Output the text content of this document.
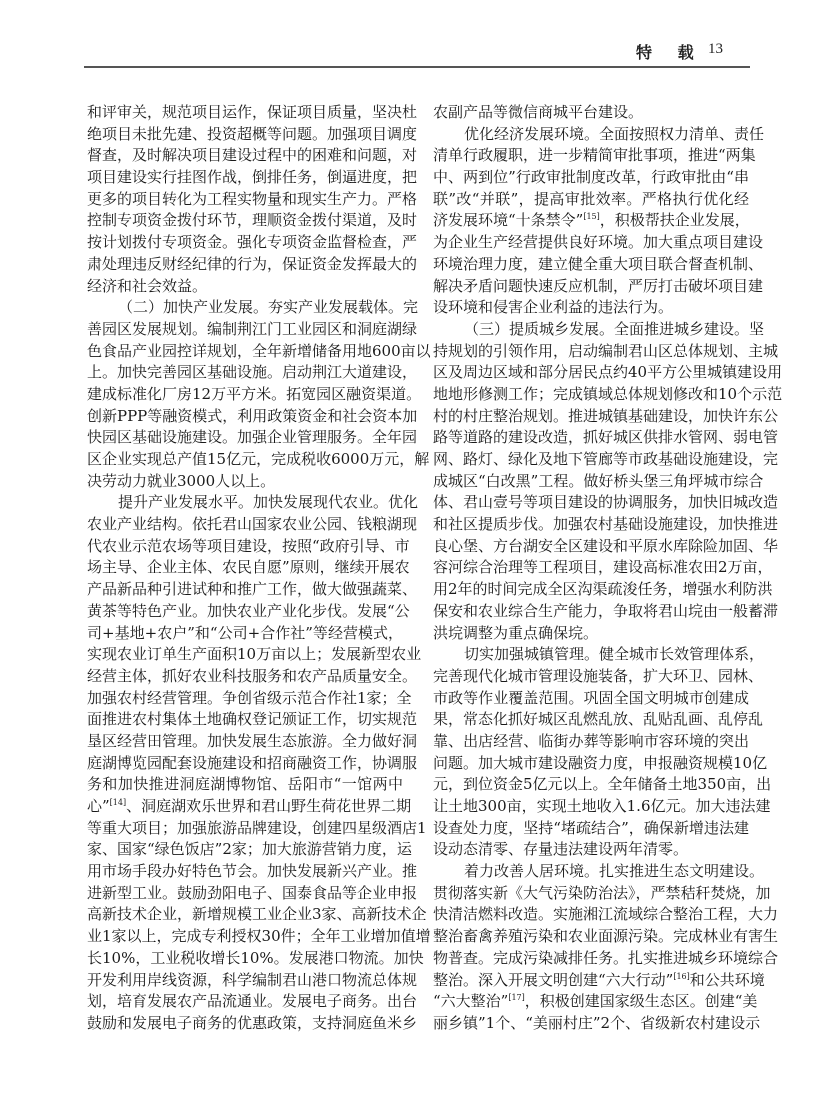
特 载 13
和评审关，规范项目运作，保证项目质量，坚决杜
绝项目未批先建、投资超概等问题。加强项目调度
督查，及时解决项目建设过程中的困难和问题，对
项目建设实行挂图作战，倒排任务，倒逼进度，把
更多的项目转化为工程实物量和现实生产力。严格
控制专项资金拨付环节，理顺资金拨付渠道，及时
按计划拨付专项资金。强化专项资金监督检查，严
肃处理违反财经纪律的行为，保证资金发挥最大的
经济和社会效益。
（二）加快产业发展。夯实产业发展载体。完
善园区发展规划。编制荆江门工业园区和洞庭湖绿
色食品产业园控详规划，全年新增储备用地600亩以
上。加快完善园区基础设施。启动荆江大道建设，
建成标准化厂房12万平方米。拓宽园区融资渠道。
创新PPP等融资模式，利用政策资金和社会资本加
快园区基础设施建设。加强企业管理服务。全年园
区企业实现总产值15亿元，完成税收6000万元，解
决劳动力就业3000人以上。
提升产业发展水平。加快发展现代农业。优化
农业产业结构。依托君山国家农业公园、钱粮湖现
代农业示范农场等项目建设，按照“政府引导、市
场主导、企业主体、农民自愿”原则，继续开展农
产品新品种引进试种和推广工作，做大做强蔬菜、
黄茶等特色产业。加快农业产业化步伐。发展“公
司+基地+农户”和“公司+合作社”等经营模式，
实现农业订单生产面积10万亩以上；发展新型农业
经营主体，抓好农业科技服务和农产品质量安全。
加强农村经营管理。争创省级示范合作社1家；全
面推进农村集体土地确权登记颁证工作，切实规范
垦区经营田管理。加快发展生态旅游。全力做好洞
庭湖博览园配套设施建设和招商融资工作，协调服
务和加快推进洞庭湖博物馆、岳阳市“一馆两中
心”[14]、洞庭湖欢乐世界和君山野生荷花世界二期
等重大项目；加强旅游品牌建设，创建四星级酒店1
家、国家“绿色饭店”2家；加大旅游营销力度，运
用市场手段办好特色节会。加快发展新兴产业。推
进新型工业。鼓励劲阳电子、国泰食品等企业申报
高新技术企业，新增规模工业企业3家、高新技术企
业1家以上，完成专利授权30件；全年工业增加值增
长10%，工业税收增长10%。发展港口物流。加快
开发利用岸线资源，科学编制君山港口物流总体规
划，培育发展农产品流通业。发展电子商务。出台
鼓励和发展电子商务的优惠政策，支持洞庭鱼米乡
农副产品等微信商城平台建设。
优化经济发展环境。全面按照权力清单、责任
清单行政履职，进一步精简审批事项，推进“两集
中、两到位”行政审批制度改革，行政审批由“串
联”改“并联”，提高审批效率。严格执行优化经
济发展环境“十条禁令”[15]，积极帮扶企业发展，
为企业生产经营提供良好环境。加大重点项目建设
环境治理力度，建立健全重大项目联合督查机制、
解决矛盾问题快速反应机制，严厉打击破坏项目建
设环境和侵害企业利益的违法行为。
（三）提质城乡发展。全面推进城乡建设。坚
持规划的引领作用，启动编制君山区总体规划、主城
区及周边区域和部分居民点约40平方公里城镇建设用
地地形修测工作；完成镇域总体规划修改和10个示范
村的村庄整治规划。推进城镇基础建设，加快许东公
路等道路的建设改造，抓好城区供排水管网、弱电管
网、路灯、绿化及地下管廊等市政基础设施建设，完
成城区“白改黑”工程。做好桥头堡三角坪城市综合
体、君山壹号等项目建设的协调服务，加快旧城改造
和社区提质步伐。加强农村基础设施建设，加快推进
良心堡、方台湖安全区建设和平原水库除险加固、华
容河综合治理等工程项目，建设高标准农田2万亩，
用2年的时间完成全区沟渠疏浚任务，增强水利防洪
保安和农业综合生产能力，争取将君山垸由一般蓄滞
洪垸调整为重点确保垸。
切实加强城镇管理。健全城市长效管理体系，
完善现代化城市管理设施装备，扩大环卫、园林、
市政等作业覆盖范围。巩固全国文明城市创建成
果，常态化抓好城区乱燃乱放、乱贴乱画、乱停乱
靠、出店经营、临街办葬等影响市容环境的突出
问题。加大城市建设融资力度，申报融资规模10亿
元，到位资金5亿元以上。全年储备土地350亩，出
让土地300亩，实现土地收入1.6亿元。加大违法建
设查处力度，坚持“堵疏结合”，确保新增违法建
设动态清零、存量违法建设两年清零。
着力改善人居环境。扎实推进生态文明建设。
贯彻落实新《大气污染防治法》，严禁秸秆焚烧，加
快清洁燃料改造。实施湘江流域综合整治工程，大力
整治畜禽养殖污染和农业面源污染。完成林业有害生
物普查。完成污染减排任务。扎实推进城乡环境综合
整治。深入开展文明创建“六大行动”[16]和公共环境
“六大整治”[17]，积极创建国家级生态区。创建“美
丽乡镇”1个、“美丽村庄”2个、省级新农村建设示
